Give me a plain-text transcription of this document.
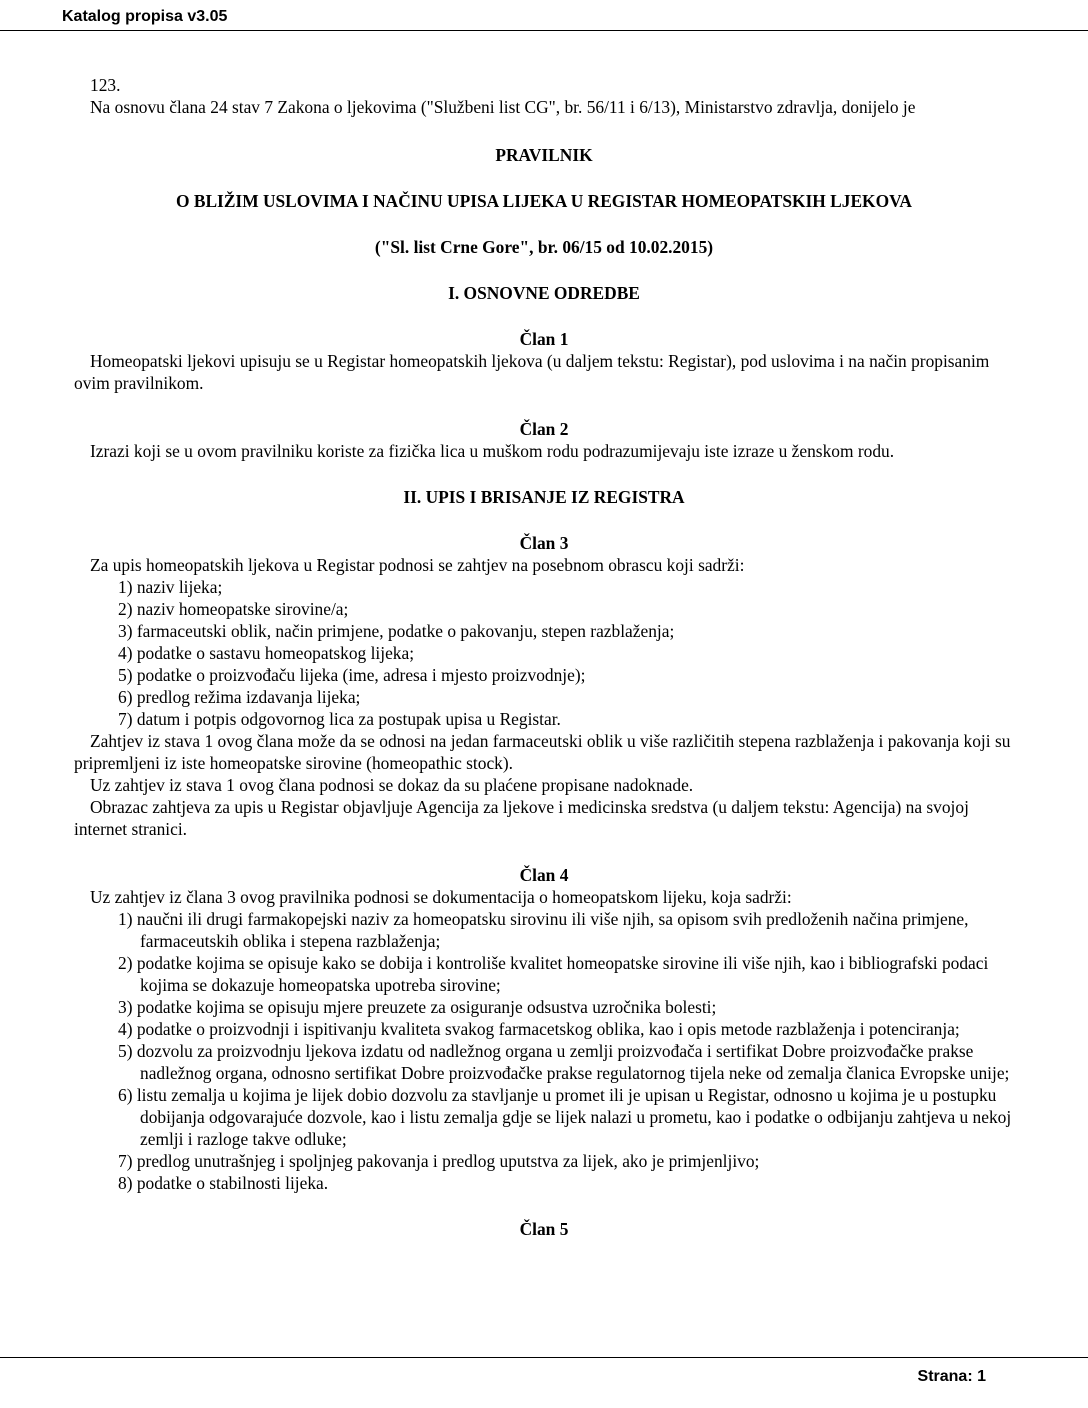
Katalog propisa v3.05

123.

Na osnovu člana 24 stav 7 Zakona o ljekovima ("Službeni list CG", br. 56/11 i 6/13), Ministarstvo zdravlja, donijelo je

PRAVILNIK

O BLIŽIM USLOVIMA I NAČINU UPISA LIJEKA U REGISTAR HOMEOPATSKIH LJEKOVA

("Sl. list Crne Gore", br. 06/15 od 10.02.2015)

I. OSNOVNE ODREDBE

Član 1

Homeopatski ljekovi upisuju se u Registar homeopatskih ljekova (u daljem tekstu: Registar), pod uslovima i na način propisanim ovim pravilnikom.

Član 2

Izrazi koji se u ovom pravilniku koriste za fizička lica u muškom rodu podrazumijevaju iste izraze u ženskom rodu.

II. UPIS I BRISANJE IZ REGISTRA

Član 3

Za upis homeopatskih ljekova u Registar podnosi se zahtjev na posebnom obrascu koji sadrži:

1) naziv lijeka;

2) naziv homeopatske sirovine/a;

3) farmaceutski oblik, način primjene, podatke o pakovanju, stepen razblaženja;

4) podatke o sastavu homeopatskog lijeka;

5) podatke o proizvođaču lijeka (ime, adresa i mjesto proizvodnje);

6) predlog režima izdavanja lijeka;

7) datum i potpis odgovornog lica za postupak upisa u Registar.

Zahtjev iz stava 1 ovog člana može da se odnosi na jedan farmaceutski oblik u više različitih stepena razblaženja i pakovanja koji su pripremljeni iz iste homeopatske sirovine (homeopathic stock).

Uz zahtjev iz stava 1 ovog člana podnosi se dokaz da su plaćene propisane nadoknade.

Obrazac zahtjeva za upis u Registar objavljuje Agencija za ljekove i medicinska sredstva (u daljem tekstu: Agencija) na svojoj internet stranici.

Član 4

Uz zahtjev iz člana 3 ovog pravilnika podnosi se dokumentacija o homeopatskom lijeku, koja sadrži:

1) naučni ili drugi farmakopejski naziv za homeopatsku sirovinu ili više njih, sa opisom svih predloženih načina primjene, farmaceutskih oblika i stepena razblaženja;

2) podatke kojima se opisuje kako se dobija i kontroliše kvalitet homeopatske sirovine ili više njih, kao i bibliografski podaci kojima se dokazuje homeopatska upotreba sirovine;

3) podatke kojima se opisuju mjere preuzete za osiguranje odsustva uzročnika bolesti;

4) podatke o proizvodnji i ispitivanju kvaliteta svakog farmacetskog oblika, kao i opis metode razblaženja i potenciranja;

5) dozvolu za proizvodnju ljekova izdatu od nadležnog organa u zemlji proizvođača i sertifikat Dobre proizvođačke prakse nadležnog organa, odnosno sertifikat Dobre proizvođačke prakse regulatornog tijela neke od zemalja članica Evropske unije;

6) listu zemalja u kojima je lijek dobio dozvolu za stavljanje u promet ili je upisan u Registar, odnosno u kojima je u postupku dobijanja odgovarajuće dozvole, kao i listu zemalja gdje se lijek nalazi u prometu, kao i podatke o odbijanju zahtjeva u nekoj zemlji i razloge takve odluke;

7) predlog unutrašnjeg i spoljnjeg pakovanja i predlog uputstva za lijek, ako je primjenljivo;

8) podatke o stabilnosti lijeka.

Član 5

Strana: 1
